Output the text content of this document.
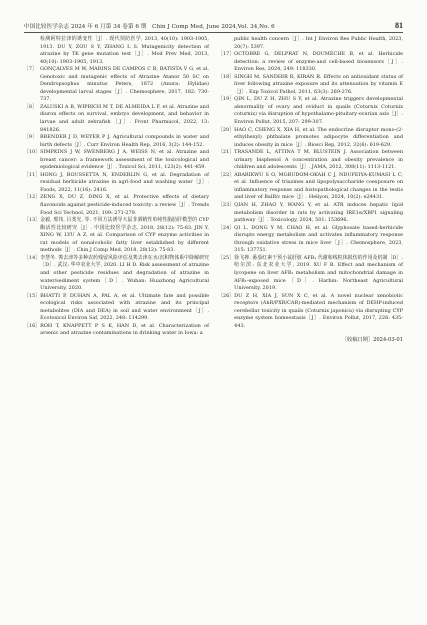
中国比较医学杂志 2024 年 6 月第 34 卷第 6 期　Chin J Comp Med, June 2024,Vol. 34,No. 6	81
检测阿特拉津的诱变性［J］. 现代预防医学, 2013, 40(10): 1903-1905, 1913. DU Y, ZOU S Y, ZHANG L S. Mutagenicity detection of atrazine by TK gene mutation test［J］. Mod Prev Med, 2013, 40(10): 1903-1905, 1913.
［7］ GONÇALVES M W, MARINS DE CAMPOS C B, BATISTA V G, et al. Genotoxic and mutagenic effects of Atrazine Atanor 50 SC on Dendropsophus minutus Peters, 1872 (Anura: Hylidae) developmental larval stages［J］. Chemosphere, 2017, 182: 730-737.
［8］ ZALUSKI A B, WIPRICH M T, DE ALMEIDA L F, et al. Atrazine and diuron effects on survival, embryo development, and behavior in larvae and adult zebrafish［J］. Front Pharmacol, 2022, 13: 841826.
［9］ BRENDER J D, WEYER P J. Agricultural compounds in water and birth defects［J］. Curr Environ Health Rep, 2016, 3(2): 144-152.
［10］ SIMPKINS J W, SWENBERG J A, WEISS N, et al. Atrazine and breast cancer: a framework assessment of the toxicological and epidemiological evidence［J］. Toxicol Sci, 2011, 123(2): 441-459.
［11］ HONG J, BOUSSETTA N, ENDERLIN G, et al. Degradation of residual herbicide atrazine in agri-food and washing water［J］. Foods, 2022, 11(16): 2416.
［12］ ZENG X, DU Z, DING X, et al. Protective effects of dietary flavonoids against pesticide-induced toxicity: a review［J］. Trends Food Sci Technol, 2021, 109: 271-279.
［13］ 金毅, 邢伟, 吕斐光, 等. 不同方法诱导大鼠非酒精性单纯性脂肪肝模型的 CYP 酶活性比较研究［J］. 中国比较医学杂志, 2018, 28(12): 75-83. JIN Y, XING W, LYU A Z, et al. Comparison of CYP enzyme activities in rat models of nonalcoholic fatty liver established by different methods［J］. Chin J Comp Med, 2018, 28(12): 75-83.
［14］ 李慧冬. 莠去津等多种农药残留风险评估及莠去津在水/沉积物体系中降解研究［D］. 武汉: 华中农业大学, 2020. LI H D. Risk assessment of atrazine and other pesticide residues and degradation of atrazine in water/sediment system［D］. Wuhan: Huazhong Agricultural University, 2020.
［15］ BHATTI P, DUHAN A, PAL A, et al. Ultimate fate and possible ecological risks associated with atrazine and its principal metabolites (DIA and DEA) in soil and water environment［J］. Ecotoxicol Environ Saf, 2022, 248: 114299.
［16］ ROH T, KNAPPETT P S K, HAN D, et al. Characterization of arsenic and atrazine contaminations in drinking water in Iowa: a
public health concern［J］. Int J Environ Res Public Health, 2023, 20(7): 5397.
［17］ OCTOBRE G, DELPRAT N, DOUMÈCHE B, et al. Herbicide detection: a review of enzyme-and cell-based biosensors［J］. Environ Res, 2024, 249: 118330.
［18］ SINGH M, SANDHIR R, KIRAN R. Effects on antioxidant status of liver following atrazine exposure and its attenuation by vitamin E［J］. Exp Toxicol Pathol, 2011, 63(3): 269-276.
［19］ QIN L, DU Z H, ZHU S Y, et al. Atrazine triggers developmental abnormality of ovary and oviduct in quails (Coturnix Coturnix coturnix) via disruption of hypothalamo-pituitary-ovarian axis［J］. Environ Pollut, 2015, 207: 299-307.
［20］ HAO C, CHENG X, XIA H, et al. The endocrine disruptor mono-(2-ethylhexyl) phthalate promotes adipocyte differentiation and induces obesity in mice［J］. Biosci Rep, 2012, 32(6): 619-629.
［21］ TRASANDE L, ATTINA T M, BLUSTEIN J. Association between urinary bisphenol A concentration and obesity prevalence in children and adolescents［J］. JAMA, 2012, 308(11): 1113-1121.
［22］ ABARIKWU S O, MGBUDOM-OKAH C J, NDUFEIYA-KUMASI L C, et al. Influence of triazines and lipopolysaccharide coexposure on inflammatory response and histopathological changes in the testis and liver of BalB/c mice［J］. Heliyon, 2024, 10(2): e24431.
［23］ QIAN H, ZHAO Y, WANG Y, et al. ATR induces hepatic lipid metabolism disorder in rats by activating IRE1α/XBP1 signaling pathway［J］. Toxicology, 2024, 501: 153696.
［24］ QI L, DONG Y M, CHAO H, et al. Glyphosate based-herbicide disrupts energy metabolism and activates inflammatory response through oxidative stress in mice liver［J］. Chemosphere, 2023, 315: 137751.
［25］ 徐飞禅. 番茄红素干预小鼠肝脏 AFB₁ 代谢和线粒体损伤的作用及机制［D］. 哈尔滨: 东北农业大学, 2019. XU F B. Effect and mechanism of lycopene on liver AFB₁ metabolism and mitochondrial damage in AFB₁-exposed mice［D］. Harbin: Northeast Agricultural University, 2019.
［26］ DU Z H, XIA J, SUN X C, et al. A novel nuclear xenobiotic receptors (AhR/PXR/CAR)-mediated mechanism of DEHP-induced cerebellar toxicity in quails (Coturnix japonica) via disrupting CYP enzyme system homeostasis［J］. Environ Pollut, 2017, 226: 435-443.
［收稿日期］2024-03-01
